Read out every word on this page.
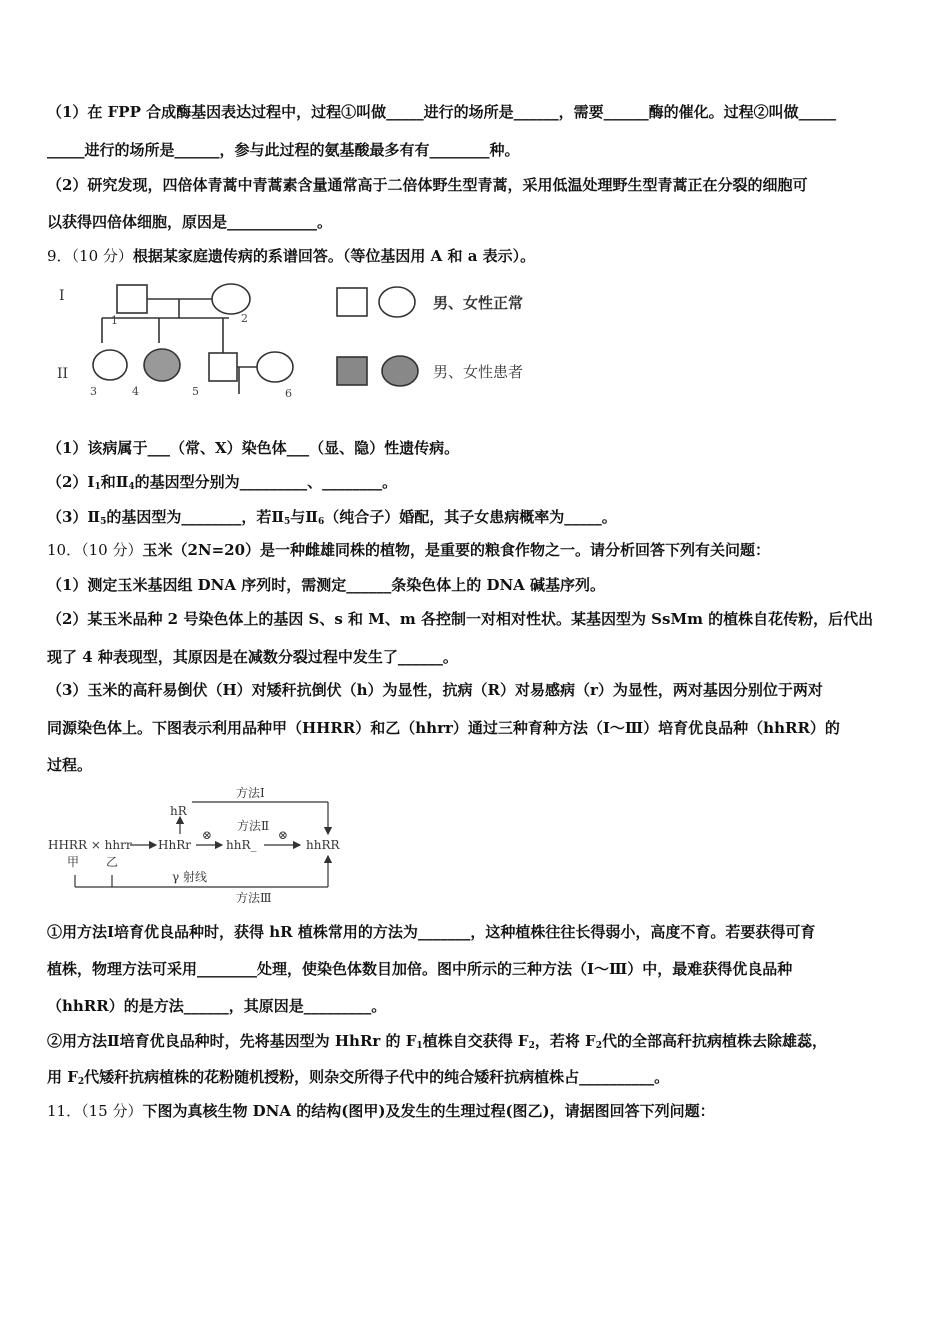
（1）在 FPP 合成酶基因表达过程中，过程①叫做_____进行的场所是______，需要______酶的催化。过程②叫做_____
_____进行的场所是______，参与此过程的氨基酸最多有有________种。
（2）研究发现，四倍体青蒿中青蒿素含量通常高于二倍体野生型青蒿，采用低温处理野生型青蒿正在分裂的细胞可
以获得四倍体细胞，原因是____________。
9．（10 分）根据某家庭遗传病的系谱回答。（等位基因用 A 和 a 表示）。
I
II
1	2
3	4	5	6
男、女性正常
男、女性患者
（1）该病属于___（常、X）染色体___（显、隐）性遗传病。
$(2)Ⅰ_1$和$Ⅱ_4$的基因型分别为_________、________。
$(3)Ⅱ_5$的基因型为________，若$Ⅱ_5$与$Ⅱ_6$（纯合子）婚配，其子女患病概率为_____。
10．（10 分）玉米（2N=20）是一种雌雄同株的植物，是重要的粮食作物之一。请分析回答下列有关问题：
（1）测定玉米基因组 DNA 序列时，需测定______条染色体上的 DNA 碱基序列。
（2）某玉米品种 2 号染色体上的基因 S、s 和 M、m 各控制一对相对性状。某基因型为 SsMm 的植株自花传粉，后代出
现了 4 种表现型，其原因是在减数分裂过程中发生了______。
（3）玉米的高秆易倒伏（H）对矮秆抗倒伏（h）为显性，抗病（R）对易感病（r）为显性，两对基因分别位于两对
同源染色体上。下图表示利用品种甲（HHRR）和乙（hhrr）通过三种育种方法（Ⅰ～Ⅲ）培育优良品种（hhRR）的
过程。
方法Ⅰ
hR
⊗
方法Ⅱ
⊗
HHRR × hhrr HhRr	hhR_	hhRR
甲 乙
γ 射线
方法Ⅲ
①用方法Ⅰ培育优良品种时，获得 hR 植株常用的方法为_______，这种植株往往长得弱小，高度不育。若要获得可育
植株，物理方法可采用________处理，使染色体数目加倍。图中所示的三种方法（Ⅰ～Ⅲ）中，最难获得优良品种
（hhRR）的是方法______，其原因是_________。
②用方法Ⅱ培育优良品种时，先将基因型为 HhRr 的 $F_1$植株自交获得 $F_2$，若将 $F_2$代的全部高秆抗病植株去除雄蕊，
用 $F_2$代矮秆抗病植株的花粉随机授粉，则杂交所得子代中的纯合矮秆抗病植株占__________。
11．（15 分）下图为真核生物 DNA 的结构(图甲)及发生的生理过程(图乙)，请据图回答下列问题：
